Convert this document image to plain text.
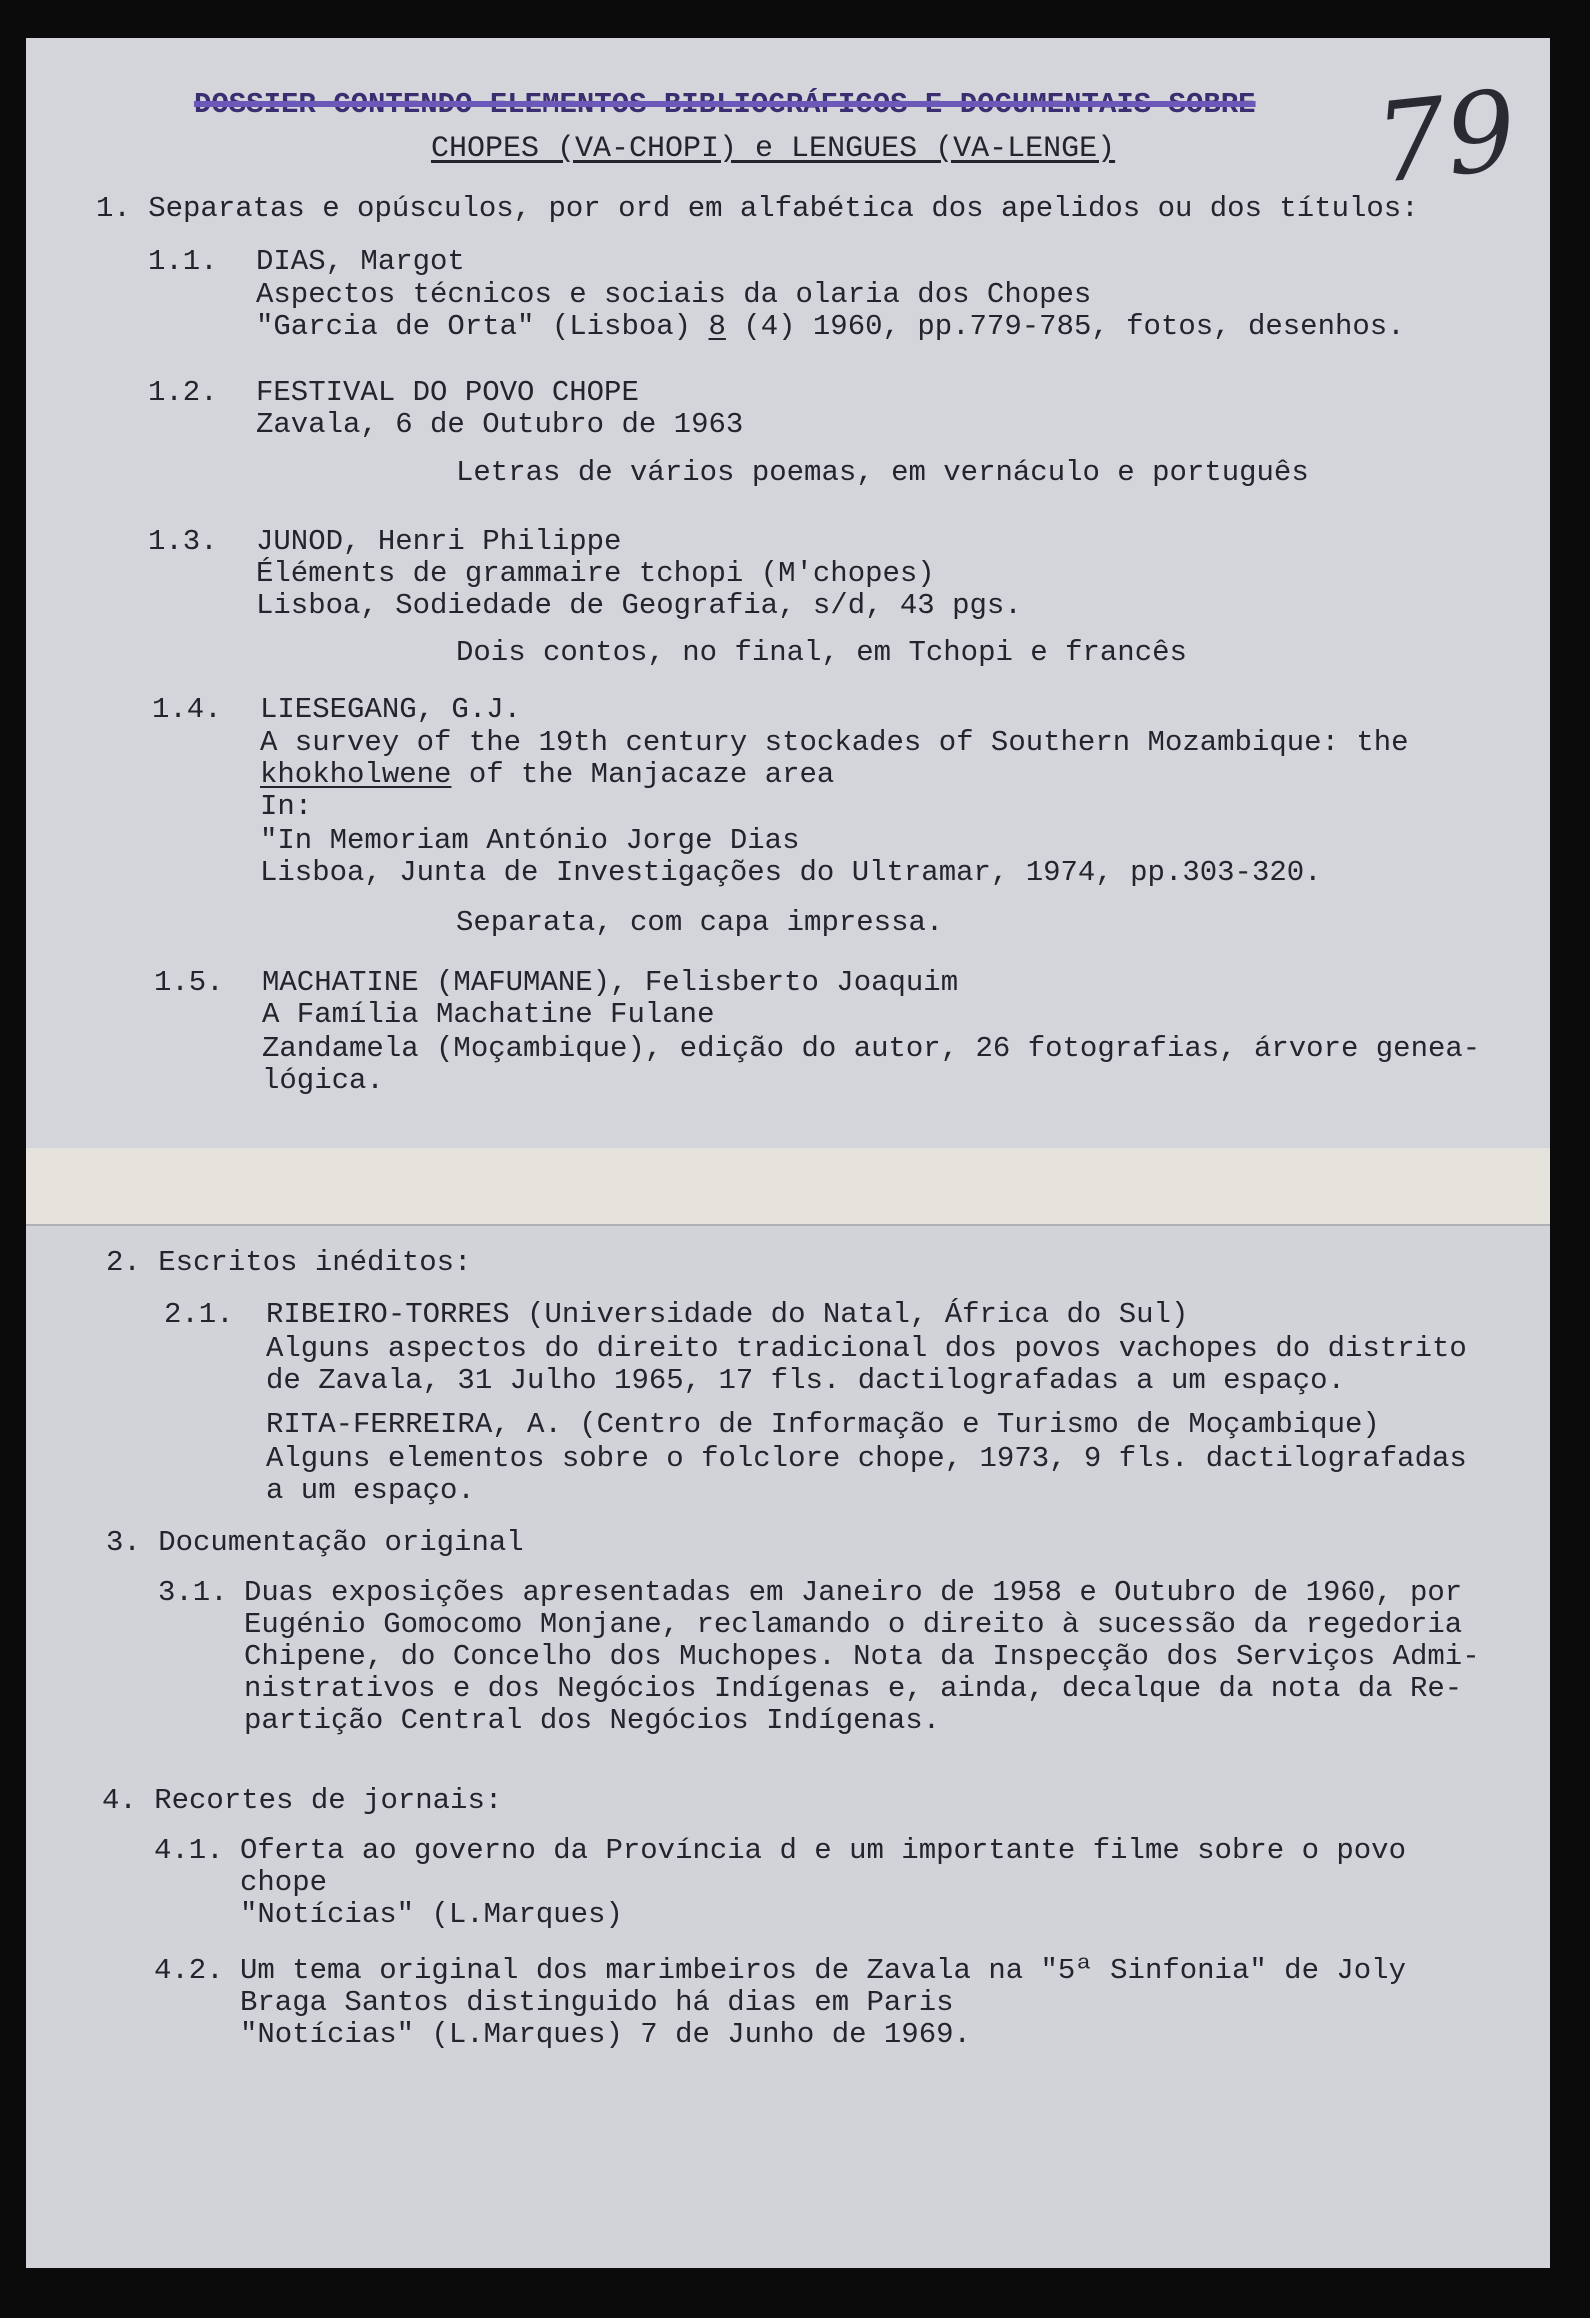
DOSSIER CONTENDO ELEMENTOS BIBLIOGRÁFICOS E DOCUMENTAIS SOBRE
CHOPES (VA-CHOPI) e LENGUES (VA-LENGE) 79
1. Separatas e opúsculos, por ord em alfabética dos apelidos ou dos títulos:
1.1. DIAS, Margot
Aspectos técnicos e sociais da olaria dos Chopes
"Garcia de Orta" (Lisboa) 8 (4) 1960, pp.779-785, fotos, desenhos.
1.2. FESTIVAL DO POVO CHOPE
Zavala, 6 de Outubro de 1963
Letras de vários poemas, em vernáculo e português
1.3. JUNOD, Henri Philippe
Éléments de grammaire tchopi (M'chopes)
Lisboa, Sodiedade de Geografia, s/d, 43 pgs.
Dois contos, no final, em Tchopi e francês
1.4. LIESEGANG, G.J.
A survey of the 19th century stockades of Southern Mozambique: the
khokholwene of the Manjacaze area
In:
"In Memoriam António Jorge Dias
Lisboa, Junta de Investigações do Ultramar, 1974, pp.303-320.
Separata, com capa impressa.
1.5. MACHATINE (MAFUMANE), Felisberto Joaquim
A Família Machatine Fulane
Zandamela (Moçambique), edição do autor, 26 fotografias, árvore genea-
lógica.
2. Escritos inéditos:
2.1. RIBEIRO-TORRES (Universidade do Natal, África do Sul)
Alguns aspectos do direito tradicional dos povos vachopes do distrito
de Zavala, 31 Julho 1965, 17 fls. dactilografadas a um espaço.
RITA-FERREIRA, A. (Centro de Informação e Turismo de Moçambique)
Alguns elementos sobre o folclore chope, 1973, 9 fls. dactilografadas
a um espaço.
3. Documentação original
3.1. Duas exposições apresentadas em Janeiro de 1958 e Outubro de 1960, por
Eugénio Gomocomo Monjane, reclamando o direito à sucessão da regedoria
Chipene, do Concelho dos Muchopes. Nota da Inspecção dos Serviços Admi-
nistrativos e dos Negócios Indígenas e, ainda, decalque da nota da Re-
partição Central dos Negócios Indígenas.
4. Recortes de jornais:
4.1. Oferta ao governo da Província d e um importante filme sobre o povo
chope
"Notícias" (L.Marques)
4.2. Um tema original dos marimbeiros de Zavala na "5ª Sinfonia" de Joly
Braga Santos distinguido há dias em Paris
"Notícias" (L.Marques) 7 de Junho de 1969.
